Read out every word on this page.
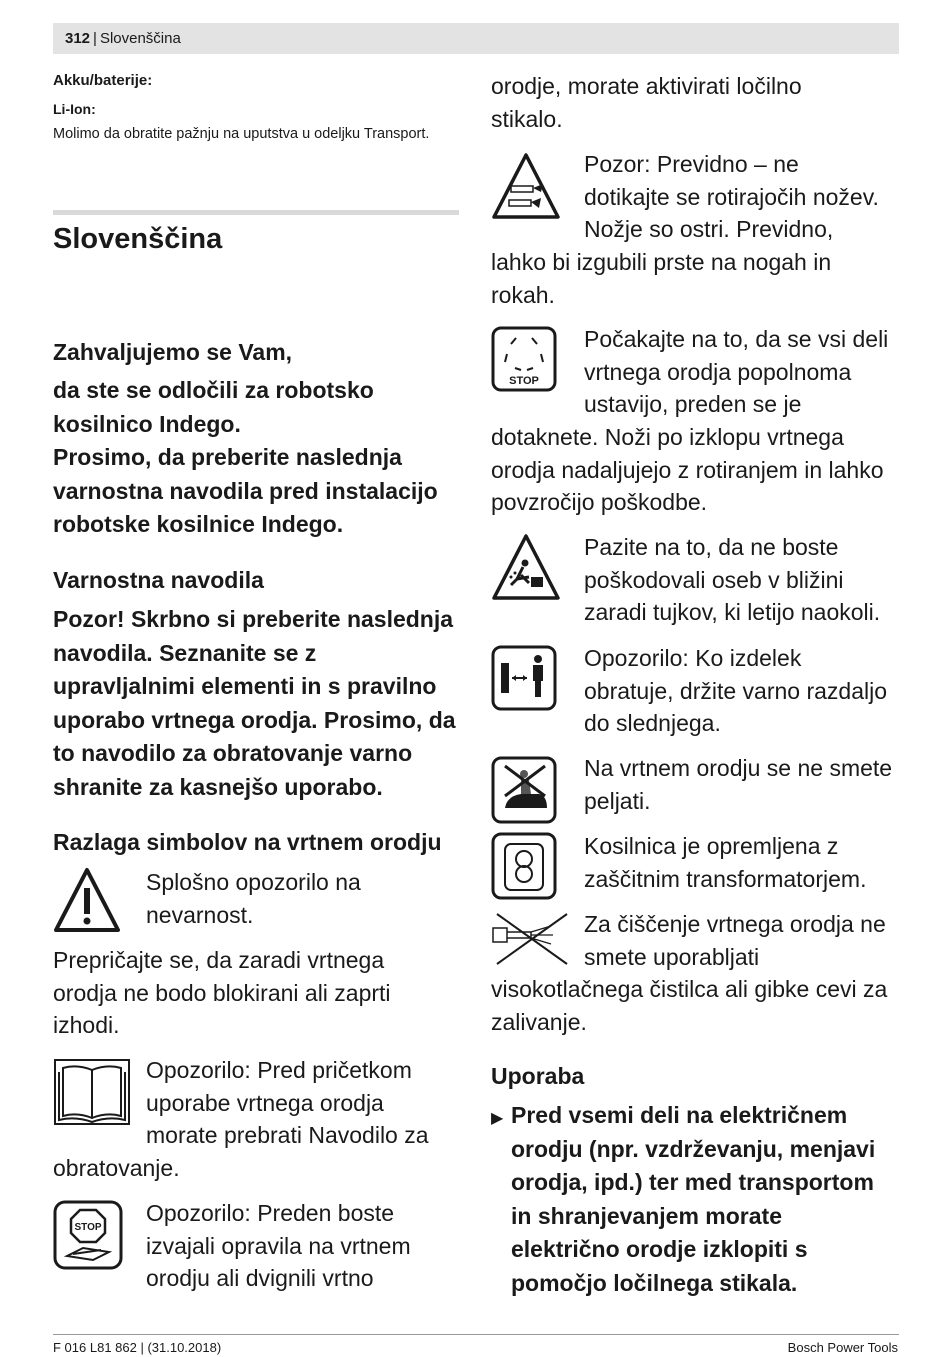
312 | Slovenščina
Akku/baterije:
Li-Ion:
Molimo da obratite pažnju na uputstva u odeljku Transport.
Slovenščina
Zahvaljujemo se Vam,
da ste se odločili za robotsko
kosilnico Indego.
Prosimo, da preberite naslednja
varnostna navodila pred instalacijo
robotske kosilnice Indego.
Varnostna navodila
Pozor! Skrbno si preberite naslednja
navodila. Seznanite se z
upravljalnimi elementi in s pravilno
uporabo vrtnega orodja. Prosimo, da
to navodilo za obratovanje varno
shranite za kasnejšo uporabo.
Razlaga simbolov na vrtnem orodju
Splošno opozorilo na
nevarnost.
Prepričajte se, da zaradi vrtnega
orodja ne bodo blokirani ali zaprti
izhodi.
Opozorilo: Pred pričetkom
uporabe vrtnega orodja
morate prebrati Navodilo za
obratovanje.
STOP
Opozorilo: Preden boste
izvajali opravila na vrtnem
orodju ali dvignili vrtno
orodje, morate aktivirati ločilno
stikalo.
Pozor: Previdno – ne
dotikajte se rotirajočih nožev.
Nožje so ostri. Previdno,
lahko bi izgubili prste na nogah in
rokah.
STOP
Počakajte na to, da se vsi deli
vrtnega orodja popolnoma
ustavijo, preden se je
dotaknete. Noži po izklopu vrtnega
orodja nadaljujejo z rotiranjem in lahko
povzročijo poškodbe.
Pazite na to, da ne boste
poškodovali oseb v bližini
zaradi tujkov, ki letijo naokoli.
Opozorilo: Ko izdelek
obratuje, držite varno razdaljo
do slednjega.
Na vrtnem orodju se ne smete
peljati.
Kosilnica je opremljena z
zaščitnim transformatorjem.
Za čiščenje vrtnega orodja ne
smete uporabljati
visokotlačnega čistilca ali gibke cevi za
zalivanje.
Uporaba
▶ Pred vsemi deli na električnem
orodju (npr. vzdrževanju, menjavi
orodja, ipd.) ter med transportom
in shranjevanjem morate
električno orodje izklopiti s
pomočjo ločilnega stikala.
F 016 L81 862 | (31.10.2018)	Bosch Power Tools
